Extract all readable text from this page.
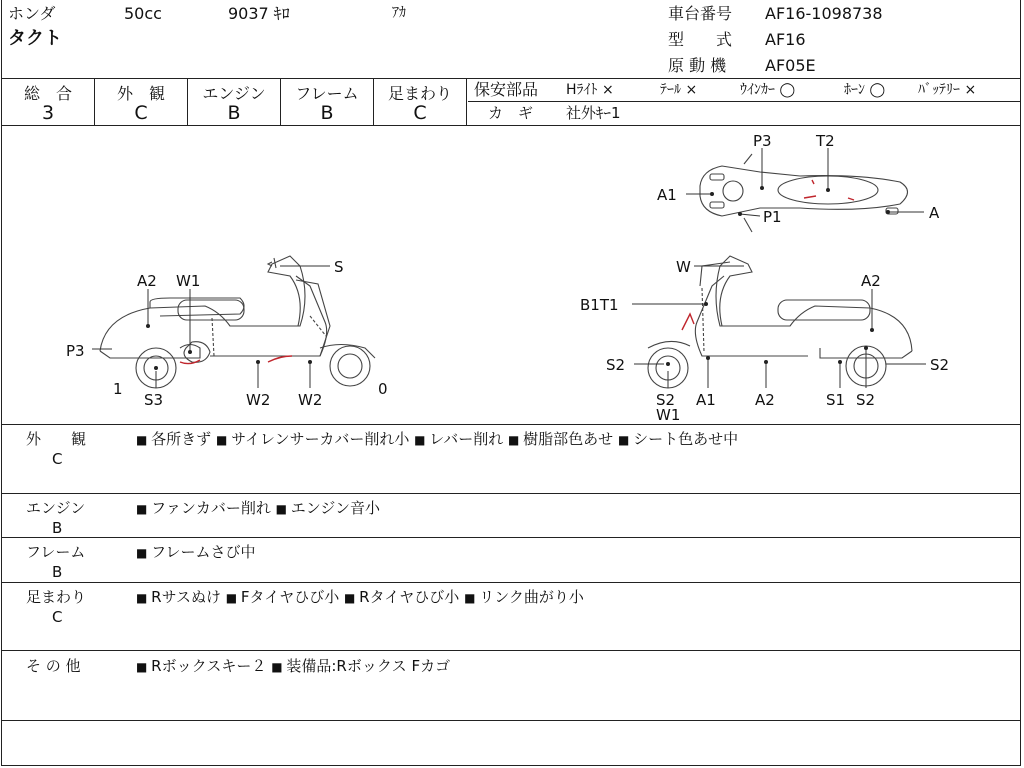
ホンダ	50cc	9037 ｷﾛ	ｱｶ
タクト
車台番号 AF16-1098738
型　　式 AF16
原 動 機 AF05E
総　合
3
外　観
C
エンジン
B
フレーム
B
足まわり
C
保安部品 Hﾗｲﾄ ×	ﾃｰﾙ ×	ｳｲﾝｶｰ ◯	ﾎｰﾝ ◯ ﾊﾞｯﾃﾘｰ ×
カ　ギ 社外ｷｰ1
A2 W1
S
P3
1
S3	W2 W2
0
W
A2
B1T1
S2
S2
W1
A1	A2	S1 S2
S2
P3	T2
A1
P1	A
外　　観
C
■ 各所きず ■ サイレンサーカバー削れ小 ■ レバー削れ ■ 樹脂部色あせ ■ シート色あせ中
エンジン
B
■ ファンカバー削れ ■ エンジン音小
フレーム
B
■ フレームさび中
足まわり
C
■ Rサスぬけ ■ Fタイヤひび小 ■ Rタイヤひび小 ■ リンク曲がり小
そ の 他	■ Rボックスキー２ ■ 装備品:Rボックス Fカゴ
